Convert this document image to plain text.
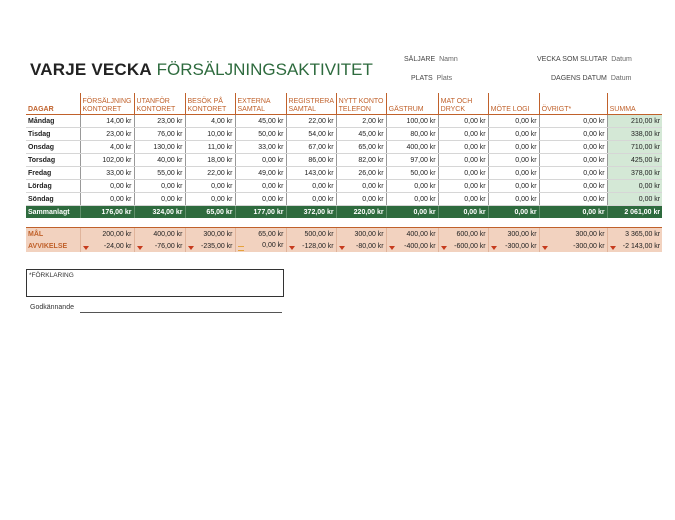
VARJE VECKA FÖRSÄLJNINGSAKTIVITET
SÄLJARE Namn	VECKA SOM SLUTAR Datum
PLATS Plats	DAGENS DATUM Datum
DAGAR	FÖRSÄLJNING KONTORET	UTANFÖR KONTORET	BESÖK PÅ KONTORET	EXTERNA SAMTAL	REGISTRERA SAMTAL	NYTT KONTO TELEFON	GÄSTRUM	MAT OCH DRYCK	MÖTE LOGI	ÖVRIGT*	SUMMA
Måndag	14,00 kr	23,00 kr	4,00 kr	45,00 kr	22,00 kr	2,00 kr	100,00 kr	0,00 kr	0,00 kr	0,00 kr	210,00 kr
Tisdag	23,00 kr	76,00 kr	10,00 kr	50,00 kr	54,00 kr	45,00 kr	80,00 kr	0,00 kr	0,00 kr	0,00 kr	338,00 kr
Onsdag	4,00 kr	130,00 kr	11,00 kr	33,00 kr	67,00 kr	65,00 kr	400,00 kr	0,00 kr	0,00 kr	0,00 kr	710,00 kr
Torsdag	102,00 kr	40,00 kr	18,00 kr	0,00 kr	86,00 kr	82,00 kr	97,00 kr	0,00 kr	0,00 kr	0,00 kr	425,00 kr
Fredag	33,00 kr	55,00 kr	22,00 kr	49,00 kr	143,00 kr	26,00 kr	50,00 kr	0,00 kr	0,00 kr	0,00 kr	378,00 kr
Lördag	0,00 kr	0,00 kr	0,00 kr	0,00 kr	0,00 kr	0,00 kr	0,00 kr	0,00 kr	0,00 kr	0,00 kr	0,00 kr
Söndag	0,00 kr	0,00 kr	0,00 kr	0,00 kr	0,00 kr	0,00 kr	0,00 kr	0,00 kr	0,00 kr	0,00 kr	0,00 kr
Sammanlagt	176,00 kr	324,00 kr	65,00 kr	177,00 kr	372,00 kr	220,00 kr	0,00 kr	0,00 kr	0,00 kr	0,00 kr	2 061,00 kr

MÅL	200,00 kr	400,00 kr	300,00 kr	65,00 kr	500,00 kr	300,00 kr	400,00 kr	600,00 kr	300,00 kr	300,00 kr	3 365,00 kr
AVVIKELSE	-24,00 kr	-76,00 kr	-235,00 kr	0,00 kr	-128,00 kr	-80,00 kr	-400,00 kr	-600,00 kr	-300,00 kr	-300,00 kr	-2 143,00 kr
*FÖRKLARING
Godkännande
